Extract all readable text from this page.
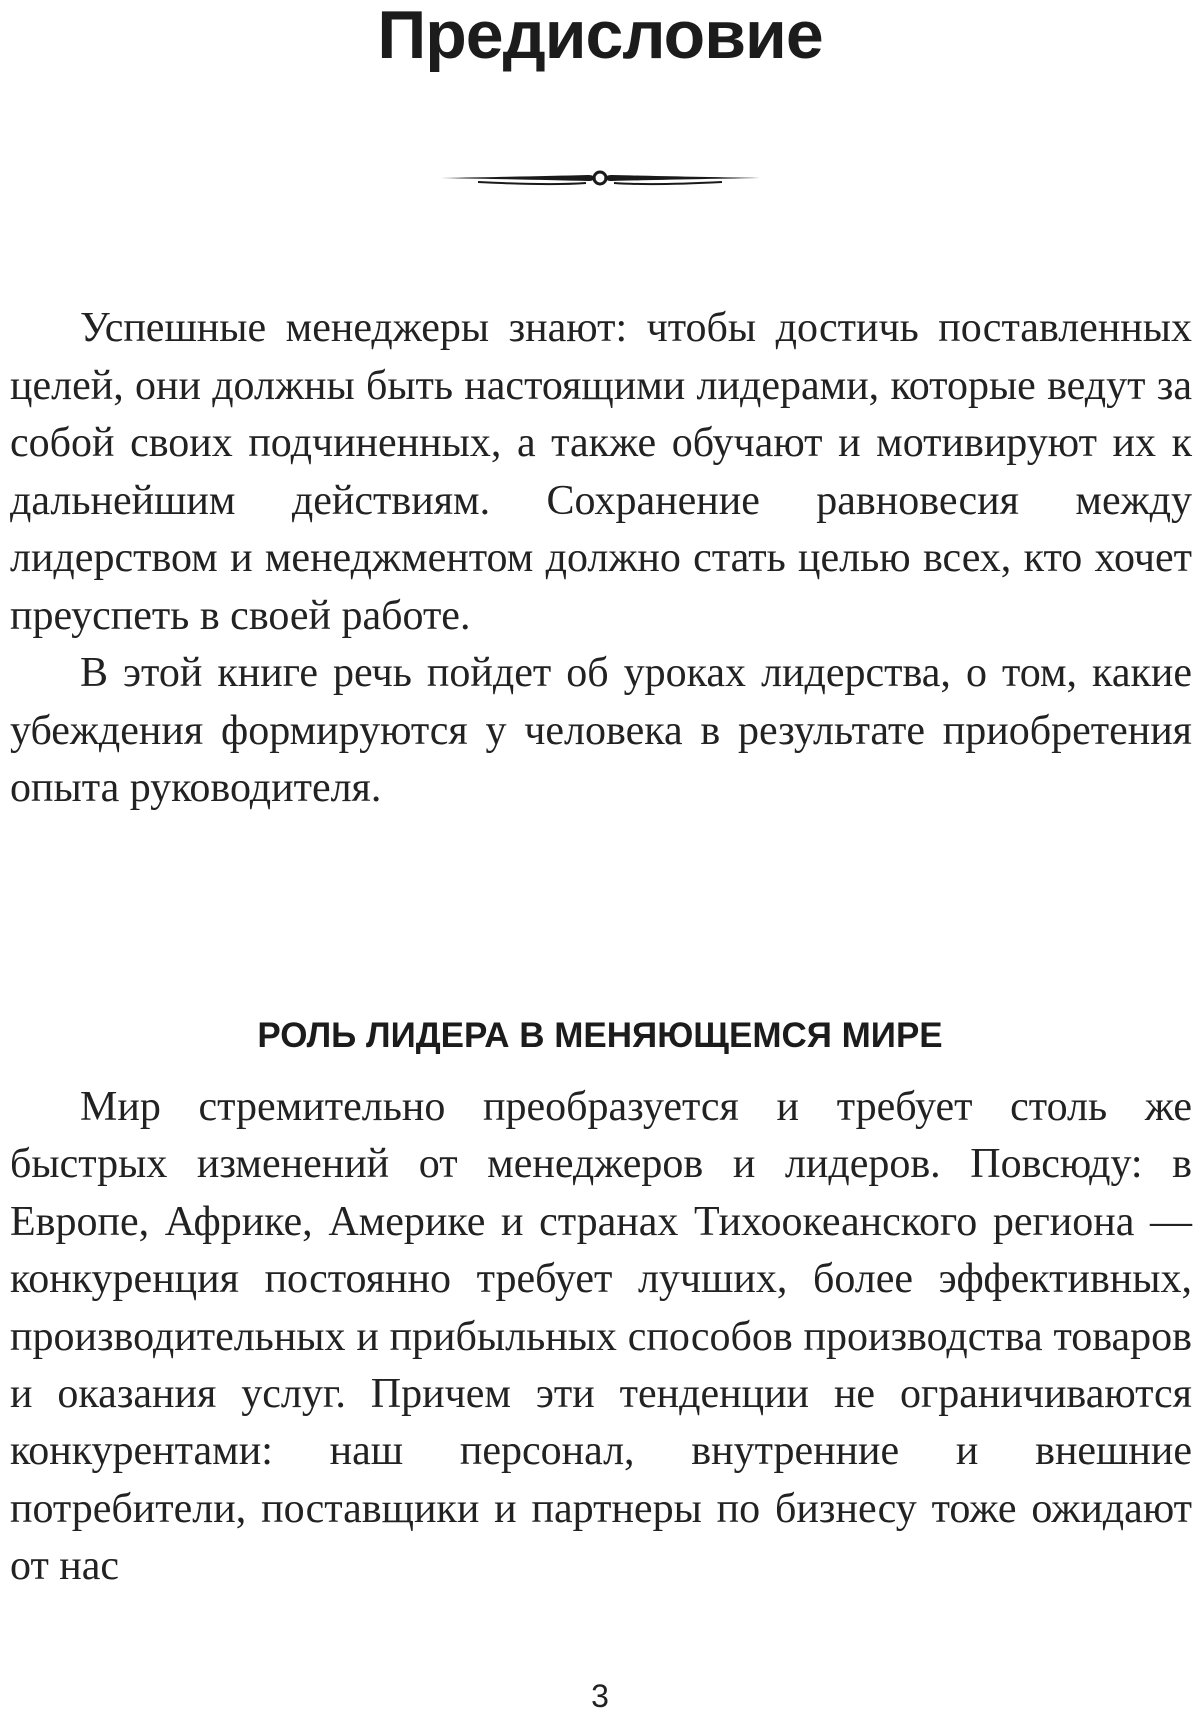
Предисловие

Успешные менеджеры знают: чтобы достичь поставленных целей, они должны быть настоящими лидерами, которые ведут за собой своих подчиненных, а также обучают и мотивируют их к дальнейшим действиям. Сохранение равновесия между лидерством и менеджментом должно стать целью всех, кто хочет преуспеть в своей работе.

В этой книге речь пойдет об уроках лидерства, о том, какие убеждения формируются у человека в результате приобретения опыта руководителя.

РОЛЬ ЛИДЕРА В МЕНЯЮЩЕМСЯ МИРЕ

Мир стремительно преобразуется и требует столь же быстрых изменений от менеджеров и лидеров. Повсюду: в Европе, Африке, Америке и странах Тихоокеанского региона — конкуренция постоянно требует лучших, более эффективных, производительных и прибыльных способов производства товаров и оказания услуг. Причем эти тенденции не ограничиваются конкурентами: наш персонал, внутренние и внешние потребители, поставщики и партнеры по бизнесу тоже ожидают от нас

3
